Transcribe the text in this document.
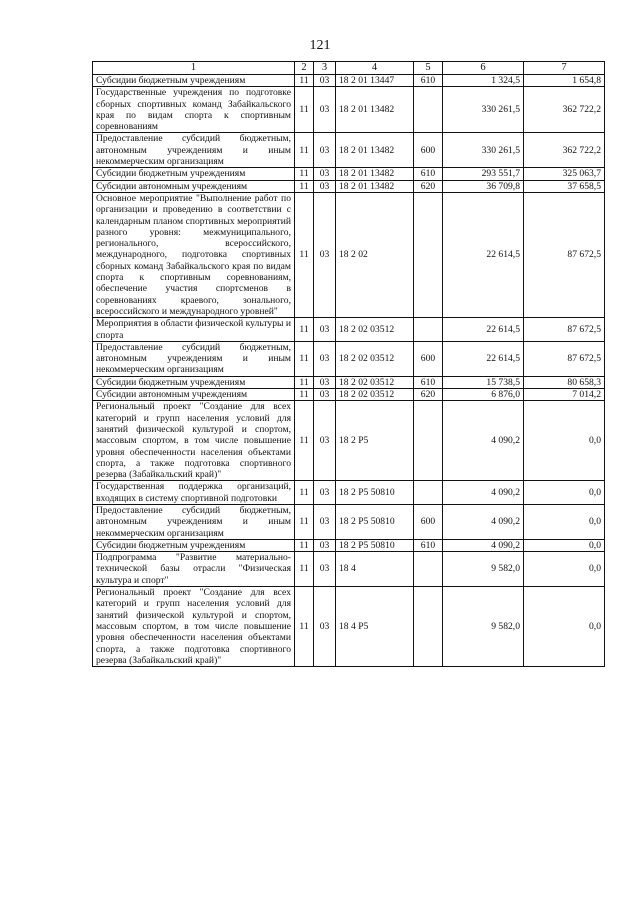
121
1	2	3	4	5	6	7
Субсидии бюджетным учреждениям	11	03	18 2 01 13447	610	1 324,5	1 654,8
Государственные учреждения по подготовке сборных спортивных команд Забайкальского края по видам спорта к спортивным соревнованиям	11	03	18 2 01 13482		330 261,5	362 722,2
Предоставление субсидий бюджетным, автономным учреждениям и иным некоммерческим организациям	11	03	18 2 01 13482	600	330 261,5	362 722,2
Субсидии бюджетным учреждениям	11	03	18 2 01 13482	610	293 551,7	325 063,7
Субсидии автономным учреждениям	11	03	18 2 01 13482	620	36 709,8	37 658,5
Основное мероприятие "Выполнение работ по организации и проведению в соответствии с календарным планом спортивных мероприятий разного уровня: межмуниципального, регионального, всероссийского, международного, подготовка спортивных сборных команд Забайкальского края по видам спорта к спортивным соревнованиям, обеспечение участия спортсменов в соревнованиях краевого, зонального, всероссийского и международного уровней"	11	03	18 2 02		22 614,5	87 672,5
Мероприятия в области физической культуры и спорта	11	03	18 2 02 03512		22 614,5	87 672,5
Предоставление субсидий бюджетным, автономным учреждениям и иным некоммерческим организациям	11	03	18 2 02 03512	600	22 614,5	87 672,5
Субсидии бюджетным учреждениям	11	03	18 2 02 03512	610	15 738,5	80 658,3
Субсидии автономным учреждениям	11	03	18 2 02 03512	620	6 876,0	7 014,2
Региональный проект "Создание для всех категорий и групп населения условий для занятий физической культурой и спортом, массовым спортом, в том числе повышение уровня обеспеченности населения объектами спорта, а также подготовка спортивного резерва (Забайкальский край)"	11	03	18 2 P5		4 090,2	0,0
Государственная поддержка организаций, входящих в систему спортивной подготовки	11	03	18 2 P5 50810		4 090,2	0,0
Предоставление субсидий бюджетным, автономным учреждениям и иным некоммерческим организациям	11	03	18 2 P5 50810	600	4 090,2	0,0
Субсидии бюджетным учреждениям	11	03	18 2 P5 50810	610	4 090,2	0,0
Подпрограмма "Развитие материально-технической базы отрасли "Физическая культура и спорт"	11	03	18 4		9 582,0	0,0
Региональный проект "Создание для всех категорий и групп населения условий для занятий физической культурой и спортом, массовым спортом, в том числе повышение уровня обеспеченности населения объектами спорта, а также подготовка спортивного резерва (Забайкальский край)"	11	03	18 4 P5		9 582,0	0,0
